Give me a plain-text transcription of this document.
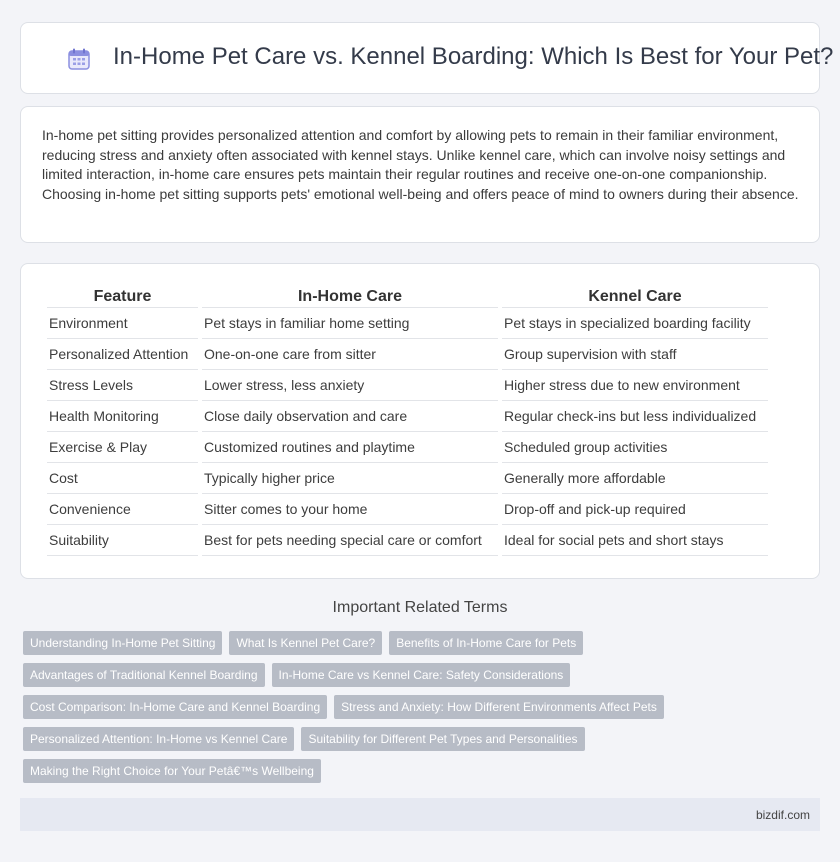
In-Home Pet Care vs. Kennel Boarding: Which Is Best for Your Pet?

In-home pet sitting provides personalized attention and comfort by allowing pets to remain in their familiar environment, reducing stress and anxiety often associated with kennel stays. Unlike kennel care, which can involve noisy settings and limited interaction, in-home care ensures pets maintain their regular routines and receive one-on-one companionship. Choosing in-home pet sitting supports pets' emotional well-being and offers peace of mind to owners during their absence.

Feature	In-Home Care	Kennel Care
Environment	Pet stays in familiar home setting	Pet stays in specialized boarding facility
Personalized Attention	One-on-one care from sitter	Group supervision with staff
Stress Levels	Lower stress, less anxiety	Higher stress due to new environment
Health Monitoring	Close daily observation and care	Regular check-ins but less individualized
Exercise & Play	Customized routines and playtime	Scheduled group activities
Cost	Typically higher price	Generally more affordable
Convenience	Sitter comes to your home	Drop-off and pick-up required
Suitability	Best for pets needing special care or comfort	Ideal for social pets and short stays
Important Related Terms
Understanding In-Home Pet Sitting	What Is Kennel Pet Care?	Benefits of In-Home Care for Pets
Advantages of Traditional Kennel Boarding	In-Home Care vs Kennel Care: Safety Considerations
Cost Comparison: In-Home Care and Kennel Boarding	Stress and Anxiety: How Different Environments Affect Pets
Personalized Attention: In-Home vs Kennel Care	Suitability for Different Pet Types and Personalities
Making the Right Choice for Your Petâ€™s Wellbeing
bizdif.com
